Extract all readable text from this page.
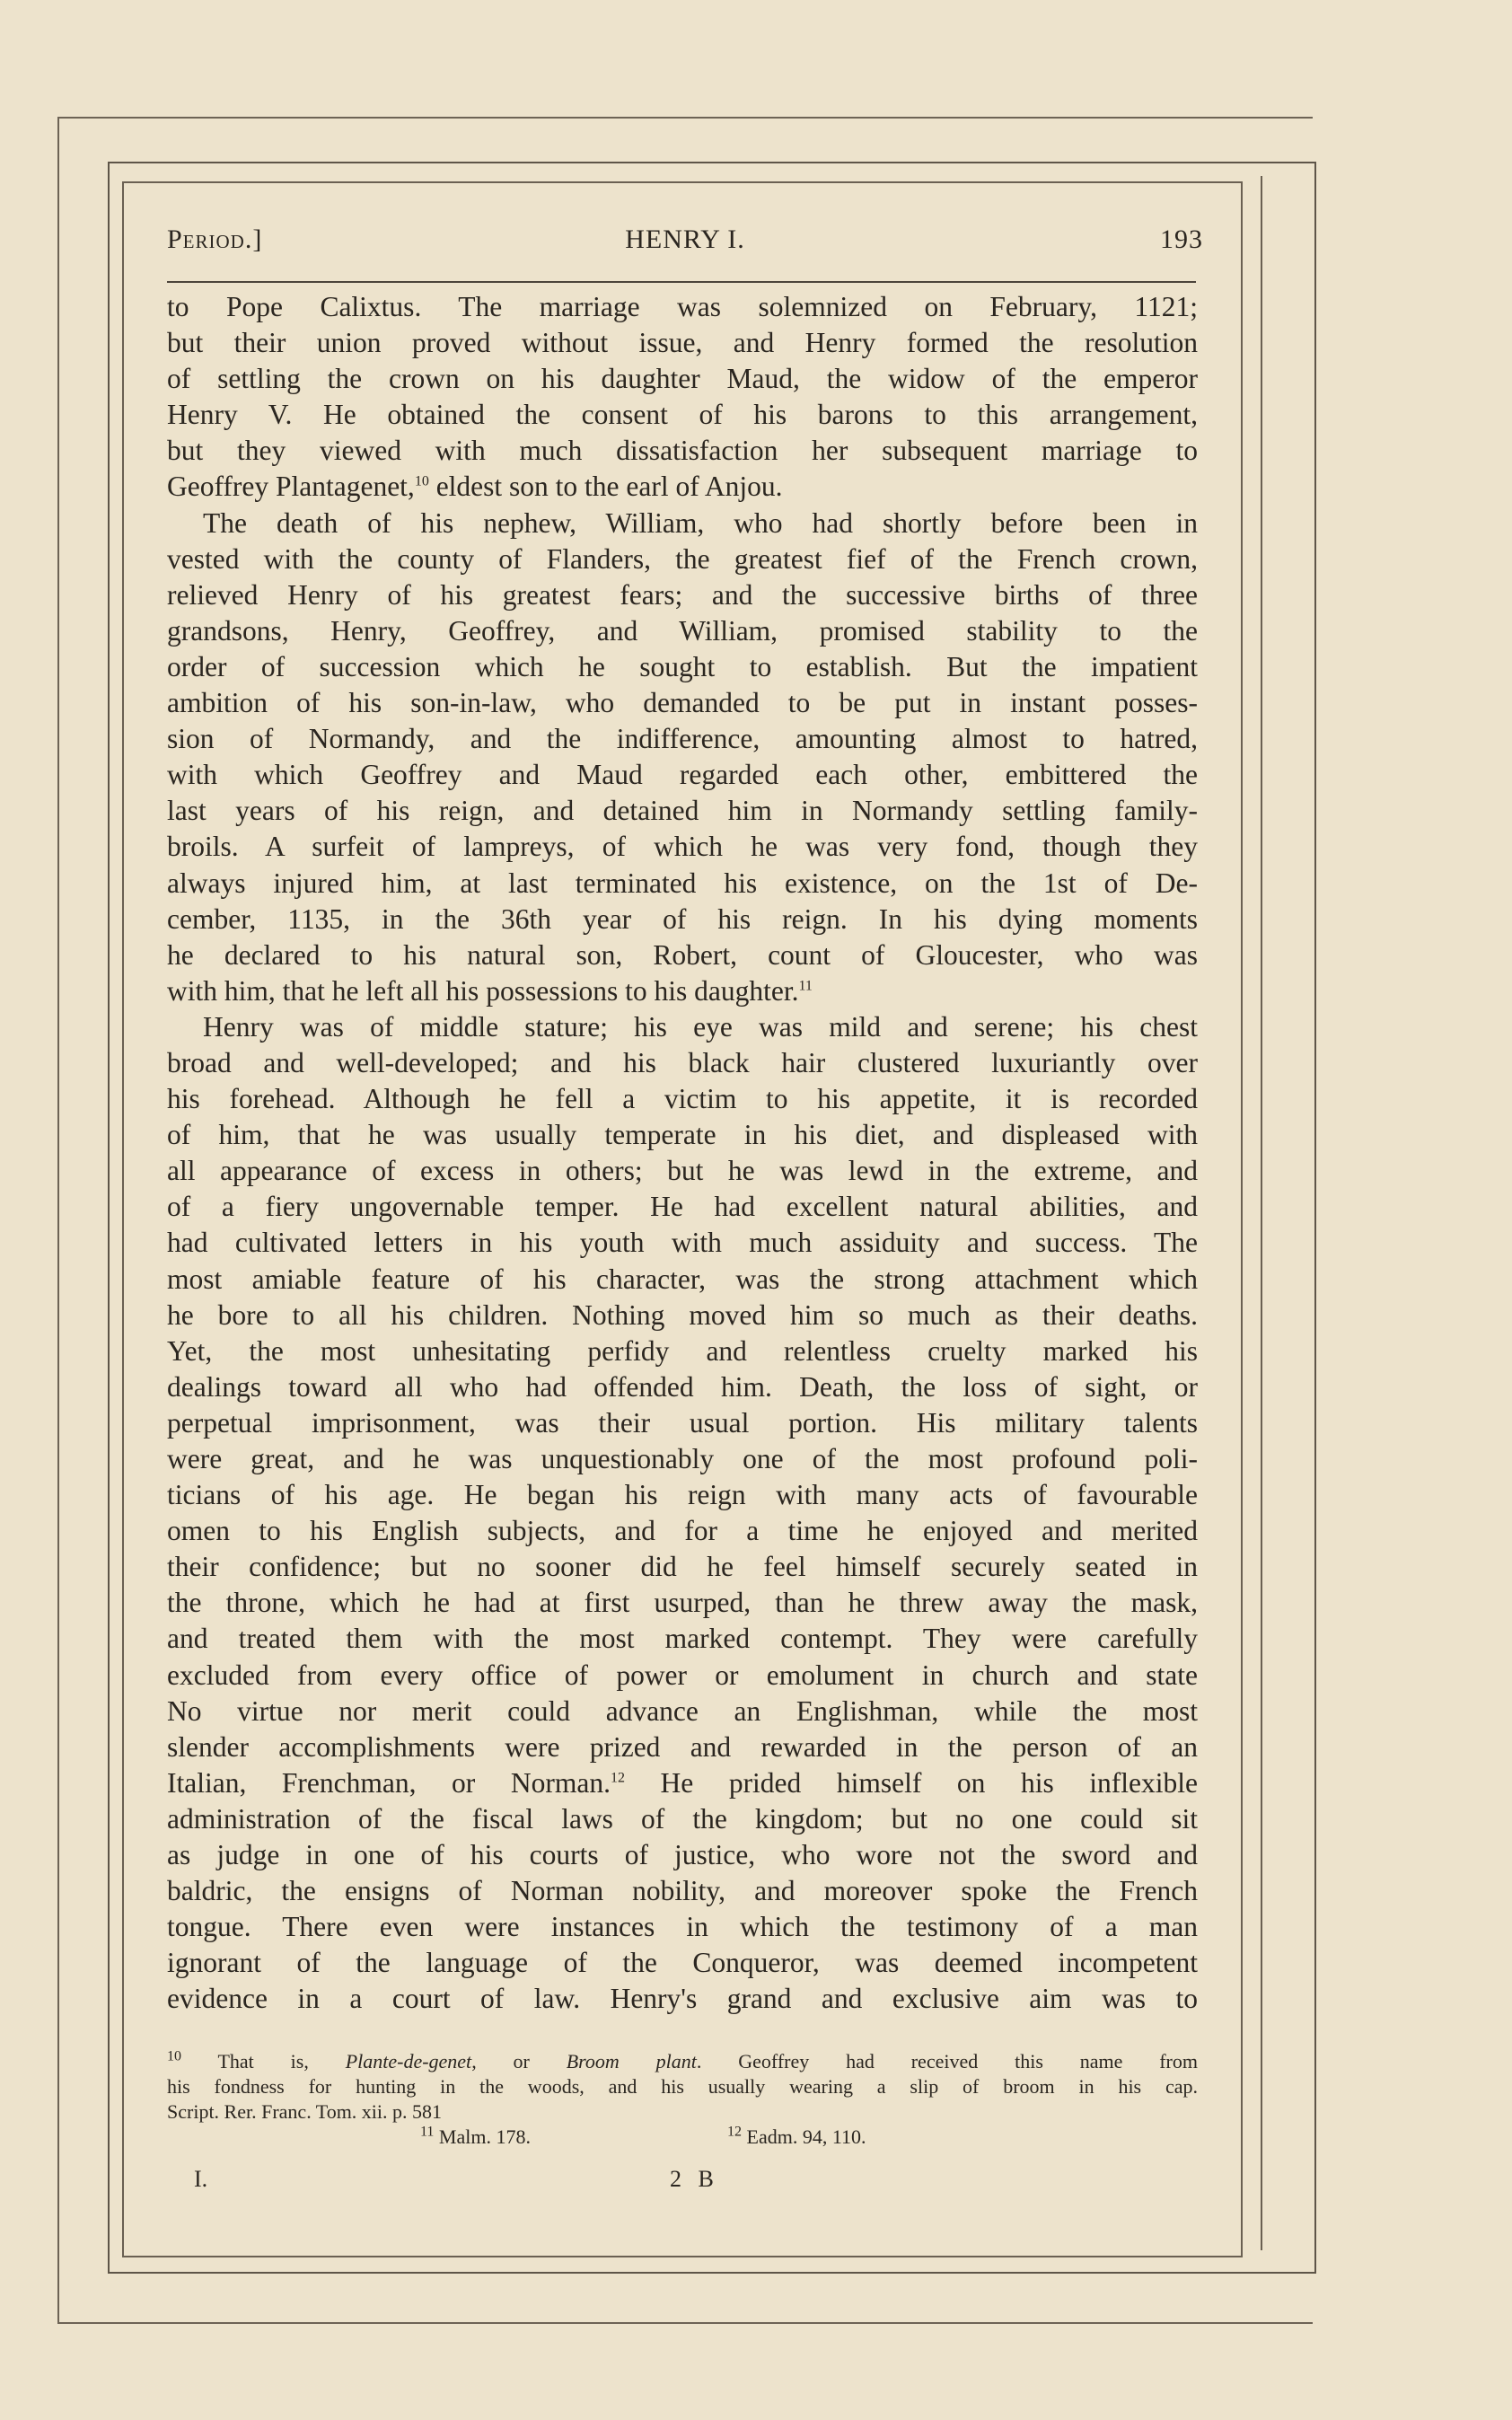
Period.]	HENRY I.	193
to Pope Calixtus. The marriage was solemnized on February, 1121;
but their union proved without issue, and Henry formed the resolution
of settling the crown on his daughter Maud, the widow of the emperor
Henry V. He obtained the consent of his barons to this arrangement,
but they viewed with much dissatisfaction her subsequent marriage to
Geoffrey Plantagenet,$^{10}$ eldest son to the earl of Anjou.
The death of his nephew, William, who had shortly before been in
vested with the county of Flanders, the greatest fief of the French crown,
relieved Henry of his greatest fears; and the successive births of three
grandsons, Henry, Geoffrey, and William, promised stability to the
order of succession which he sought to establish. But the impatient
ambition of his son-in-law, who demanded to be put in instant posses-
sion of Normandy, and the indifference, amounting almost to hatred,
with which Geoffrey and Maud regarded each other, embittered the
last years of his reign, and detained him in Normandy settling family-
broils. A surfeit of lampreys, of which he was very fond, though they
always injured him, at last terminated his existence, on the 1st of De-
cember, 1135, in the 36th year of his reign. In his dying moments
he declared to his natural son, Robert, count of Gloucester, who was
with him, that he left all his possessions to his daughter.$^{11}$
Henry was of middle stature; his eye was mild and serene; his chest
broad and well-developed; and his black hair clustered luxuriantly over
his forehead. Although he fell a victim to his appetite, it is recorded
of him, that he was usually temperate in his diet, and displeased with
all appearance of excess in others; but he was lewd in the extreme, and
of a fiery ungovernable temper. He had excellent natural abilities, and
had cultivated letters in his youth with much assiduity and success. The
most amiable feature of his character, was the strong attachment which
he bore to all his children. Nothing moved him so much as their deaths.
Yet, the most unhesitating perfidy and relentless cruelty marked his
dealings toward all who had offended him. Death, the loss of sight, or
perpetual imprisonment, was their usual portion. His military talents
were great, and he was unquestionably one of the most profound poli-
ticians of his age. He began his reign with many acts of favourable
omen to his English subjects, and for a time he enjoyed and merited
their confidence; but no sooner did he feel himself securely seated in
the throne, which he had at first usurped, than he threw away the mask,
and treated them with the most marked contempt. They were carefully
excluded from every office of power or emolument in church and state
No virtue nor merit could advance an Englishman, while the most
slender accomplishments were prized and rewarded in the person of an
Italian, Frenchman, or Norman.$^{12}$ He prided himself on his inflexible
administration of the fiscal laws of the kingdom; but no one could sit
as judge in one of his courts of justice, who wore not the sword and
baldric, the ensigns of Norman nobility, and moreover spoke the French
tongue. There even were instances in which the testimony of a man
ignorant of the language of the Conqueror, was deemed incompetent
evidence in a court of law. Henry's grand and exclusive aim was to
$^{10}$ That is, Plante-de-genet, or Broom plant. Geoffrey had received this name from
his fondness for hunting in the woods, and his usually wearing a slip of broom in his cap.
Script. Rer. Franc. Tom. xii. p. 581
$^{11}$ Malm. 178.	$^{12}$ Eadm. 94, 110.
I.	2 B
